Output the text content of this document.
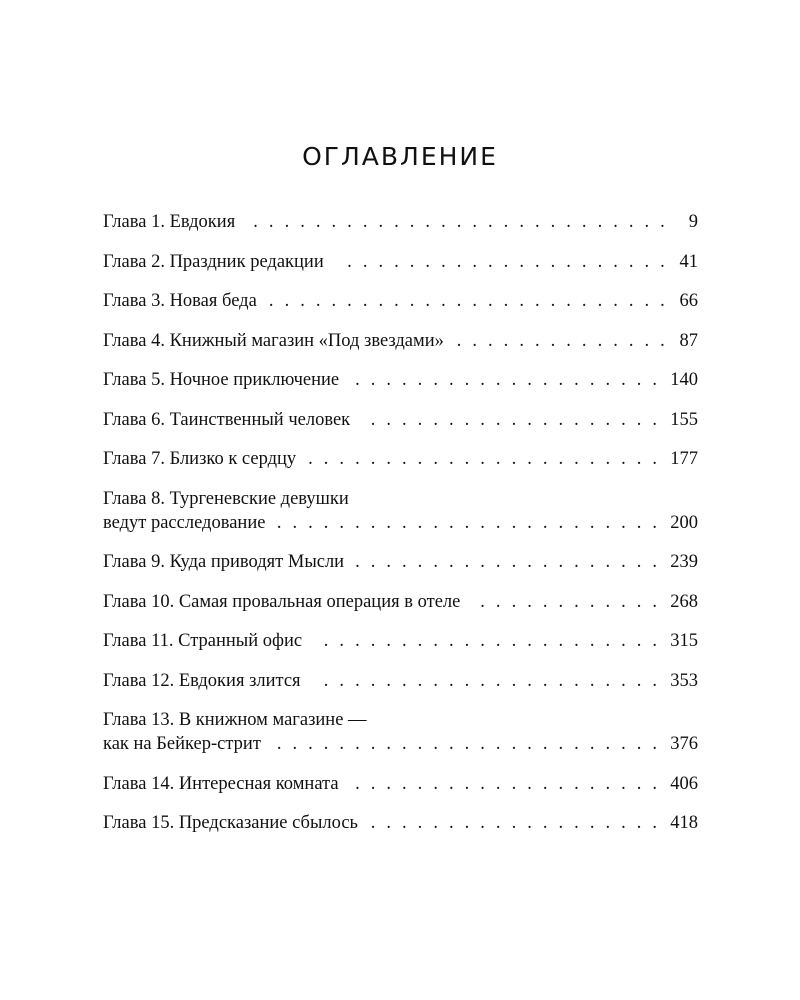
ОГЛАВЛЕНИЕ
Глава 1. Евдокия . . .	9
Глава 2. Праздник редакции . . .	41
Глава 3. Новая беда . . .	66
Глава 4. Книжный магазин «Под звездами» . . .	87
Глава 5. Ночное приключение . . .	140
Глава 6. Таинственный человек . . .	155
Глава 7. Близко к сердцу . . .	177
Глава 8. Тургеневские девушки
ведут расследование . . .	200
Глава 9. Куда приводят Мысли . . .	239
Глава 10. Самая провальная операция в отеле . . .	268
Глава 11. Странный офис . . .	315
Глава 12. Евдокия злится . . .	353
Глава 13. В книжном магазине —
как на Бейкер-стрит . . .	376
Глава 14. Интересная комната . . .	406
Глава 15. Предсказание сбылось . . .	418
